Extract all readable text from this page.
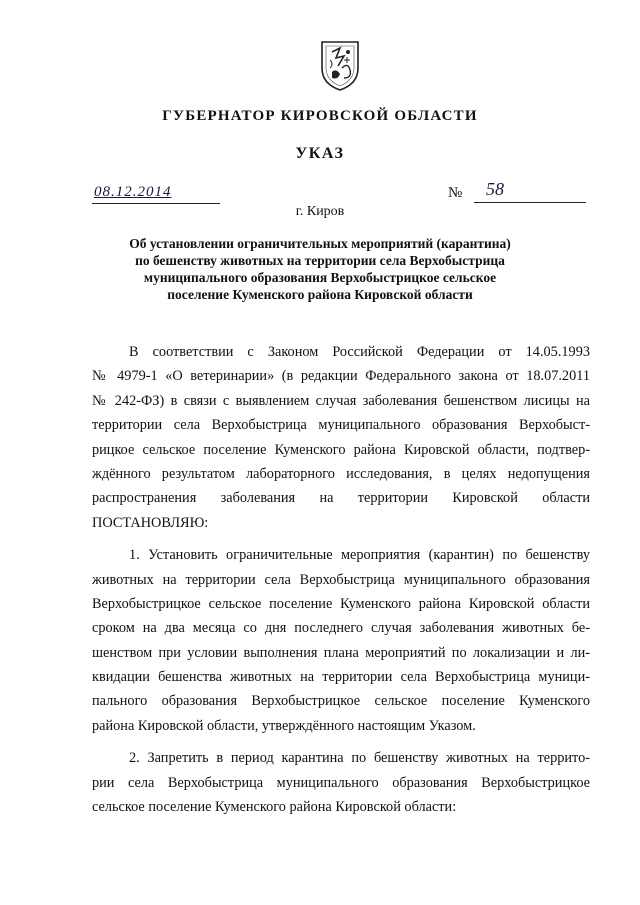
ГУБЕРНАТОР КИРОВСКОЙ ОБЛАСТИ
УКАЗ
08.12.2014	№ 58
г. Киров
Об установлении ограничительных мероприятий (карантина)
по бешенству животных на территории села Верхобыстрица
муниципального образования Верхобыстрицкое сельское
поселение Куменского района Кировской области
В соответствии с Законом Российской Федерации от 14.05.1993
№ 4979-1 «О ветеринарии» (в редакции Федерального закона от 18.07.2011
№ 242-ФЗ) в связи с выявлением случая заболевания бешенством лисицы на
территории села Верхобыстрица муниципального образования Верхобыст-
рицкое сельское поселение Куменского района Кировской области, подтвер-
ждённого результатом лабораторного исследования, в целях недопущения
распространения заболевания на территории Кировской области
ПОСТАНОВЛЯЮ:
1. Установить ограничительные мероприятия (карантин) по бешенству
животных на территории села Верхобыстрица муниципального образования
Верхобыстрицкое сельское поселение Куменского района Кировской области
сроком на два месяца со дня последнего случая заболевания животных бе-
шенством при условии выполнения плана мероприятий по локализации и ли-
квидации бешенства животных на территории села Верхобыстрица муници-
пального образования Верхобыстрицкое сельское поселение Куменского
района Кировской области, утверждённого настоящим Указом.
2. Запретить в период карантина по бешенству животных на террито-
рии села Верхобыстрица муниципального образования Верхобыстрицкое
сельское поселение Куменского района Кировской области:
